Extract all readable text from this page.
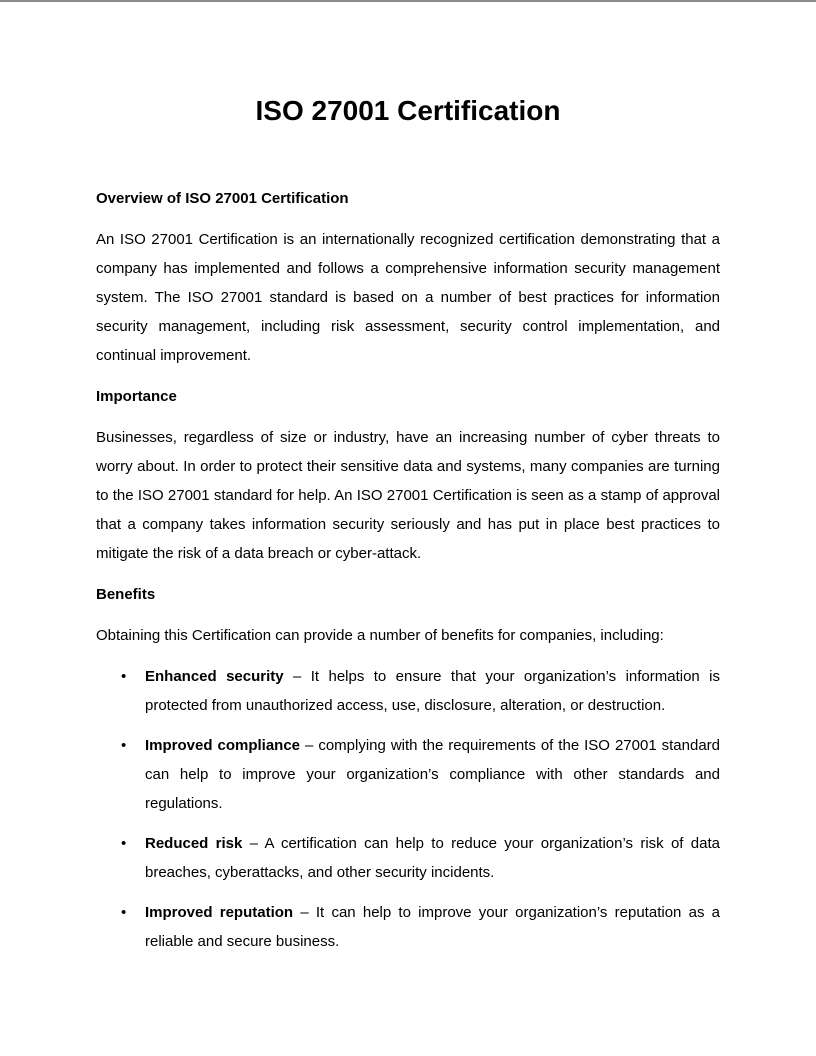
ISO 27001 Certification
Overview of ISO 27001 Certification

An ISO 27001 Certification is an internationally recognized certification demonstrating that a company has implemented and follows a comprehensive information security management system. The ISO 27001 standard is based on a number of best practices for information security management, including risk assessment, security control implementation, and continual improvement.

Importance

Businesses, regardless of size or industry, have an increasing number of cyber threats to worry about. In order to protect their sensitive data and systems, many companies are turning to the ISO 27001 standard for help. An ISO 27001 Certification is seen as a stamp of approval that a company takes information security seriously and has put in place best practices to mitigate the risk of a data breach or cyber-attack.

Benefits

Obtaining this Certification can provide a number of benefits for companies, including:

• Enhanced security – It helps to ensure that your organization’s information is protected from unauthorized access, use, disclosure, alteration, or destruction.
• Improved compliance – complying with the requirements of the ISO 27001 standard can help to improve your organization’s compliance with other standards and regulations.
• Reduced risk – A certification can help to reduce your organization’s risk of data breaches, cyberattacks, and other security incidents.
• Improved reputation – It can help to improve your organization’s reputation as a reliable and secure business.
